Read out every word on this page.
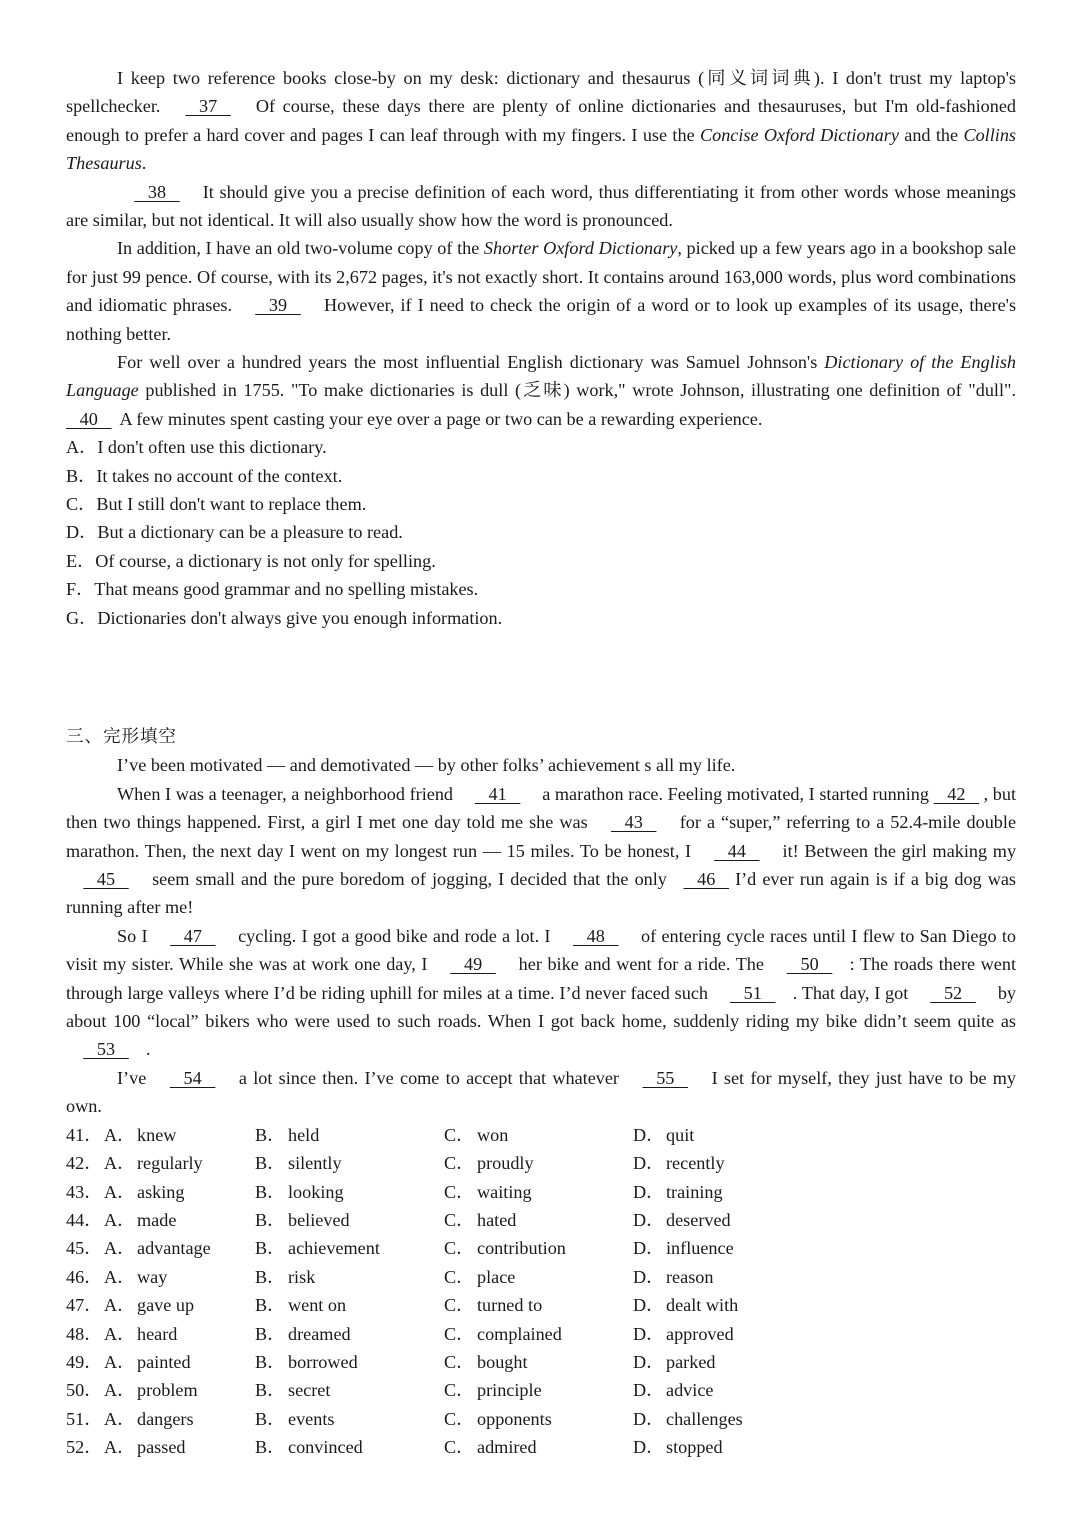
I keep two reference books close-by on my desk: dictionary and thesaurus (同义词词典). I don't trust my laptop's spellchecker.    37    Of course, these days there are plenty of online dictionaries and thesauruses, but I'm old-fashioned enough to prefer a hard cover and pages I can leaf through with my fingers. I use the Concise Oxford Dictionary and the Collins Thesaurus.

38    It should give you a precise definition of each word, thus differentiating it from other words whose meanings are similar, but not identical. It will also usually show how the word is pronounced.

In addition, I have an old two-volume copy of the Shorter Oxford Dictionary, picked up a few years ago in a bookshop sale for just 99 pence. Of course, with its 2,672 pages, it's not exactly short. It contains around 163,000 words, plus word combinations and idiomatic phrases.    39    However, if I need to check the origin of a word or to look up examples of its usage, there's nothing better.

For well over a hundred years the most influential English dictionary was Samuel Johnson's Dictionary of the English Language published in 1755. "To make dictionaries is dull (乏味) work," wrote Johnson, illustrating one definition of "dull".    40    A few minutes spent casting your eye over a page or two can be a rewarding experience.

A．I don't often use this dictionary.
B．It takes no account of the context.
C．But I still don't want to replace them.
D．But a dictionary can be a pleasure to read.
E．Of course, a dictionary is not only for spelling.
F．That means good grammar and no spelling mistakes.
G．Dictionaries don't always give you enough information.
三、完形填空

I’ve been motivated — and demotivated — by other folks’ achievement s all my life.

When I was a teenager, a neighborhood friend    41    a marathon race. Feeling motivated, I started running    42   , but then two things happened. First, a girl I met one day told me she was    43    for a “super,” referring to a 52.4-mile double marathon. Then, the next day I went on my longest run — 15 miles. To be honest, I    44    it! Between the girl making my    45    seem small and the pure boredom of jogging, I decided that the only    46    I’d ever run again is if a big dog was running after me!

So I    47    cycling. I got a good bike and rode a lot. I    48    of entering cycle races until I flew to San Diego to visit my sister. While she was at work one day, I    49    her bike and went for a ride. The    50   : The roads there went through large valleys where I’d be riding uphill for miles at a time. I’d never faced such    51   . That day, I got    52    by about 100 “local” bikers who were used to such roads. When I got back home, suddenly riding my bike didn’t seem quite as    53   .

I’ve    54    a lot since then. I’ve come to accept that whatever    55    I set for myself, they just have to be my own.

41．	A．knew	B． held	C． won	D．quit
42．	A．regularly	B． silently	C． proudly	D．recently
43．	A．asking	B． looking	C． waiting	D．training
44．	A．made	B． believed	C． hated	D．deserved
45．	A．advantage	B． achievement	C． contribution	D．influence
46．	A．way	B． risk	C． place	D．reason
47．	A．gave up	B． went on	C． turned to	D．dealt with
48．	A．heard	B． dreamed	C． complained	D．approved
49．	A．painted	B． borrowed	C． bought	D．parked
50．	A．problem	B． secret	C． principle	D．advice
51．	A．dangers	B． events	C． opponents	D．challenges
52．	A．passed	B． convinced	C． admired	D．stopped
